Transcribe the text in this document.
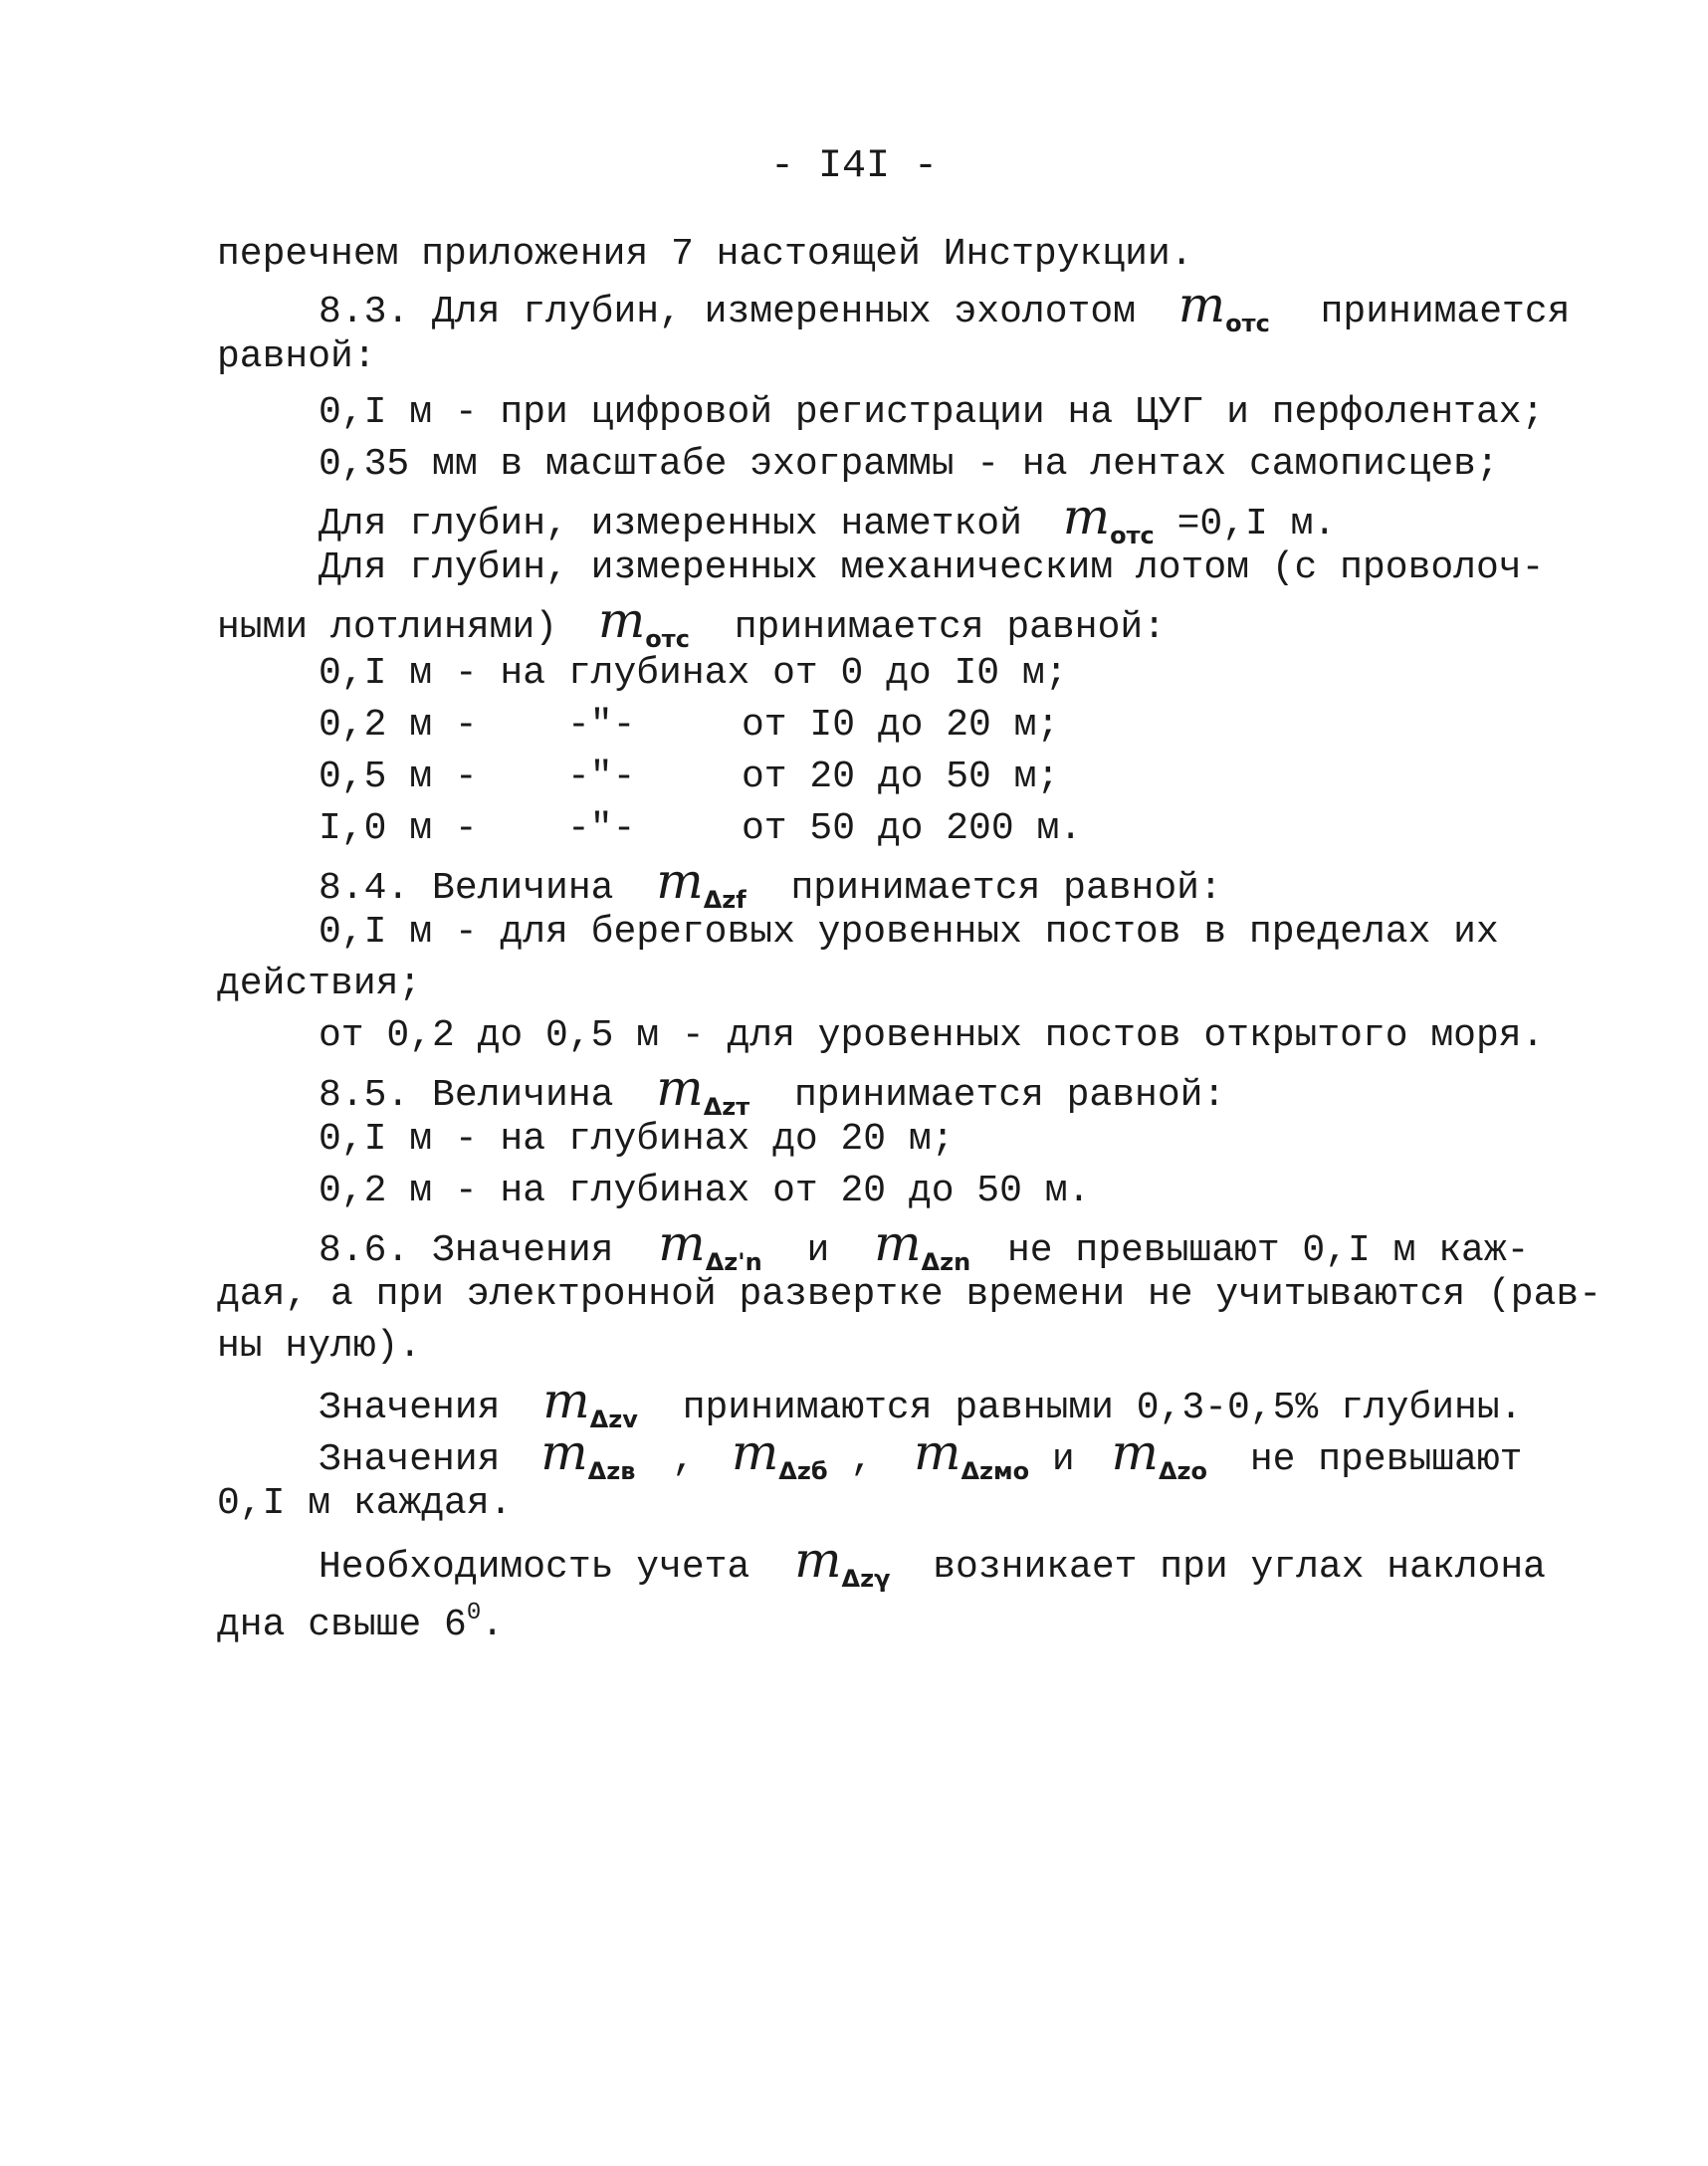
- I4I -
перечнем приложения 7 настоящей Инструкции.
8.3. Для глубин, измеренных эхолотом $m_{отс}$ принимается
равной:
0,I м - при цифровой регистрации на ЦУГ и перфолентах;
0,35 мм в масштабе эхограммы - на лентах самописцев;
Для глубин, измеренных наметкой $m_{отс} =0,I$ м.
Для глубин, измеренных механическим лотом (с проволоч-
ными лотлинями) $m_{отс}$ принимается равной:
0,I м - на глубинах от 0 до I0 м;
0,2 м - -"-	от I0 до 20 м;
0,5 м - -"-	от 20 до 50 м;
I,0 м - -"-	от 50 до 200 м.
8.4. Величина $m_{\Delta zf}$ принимается равной:
0,I м - для береговых уровенных постов в пределах их
действия;
от 0,2 до 0,5 м - для уровенных постов открытого моря.
8.5. Величина $m_{\Delta zт}$ принимается равной:
0,I м - на глубинах до 20 м;
0,2 м - на глубинах от 20 до 50 м.
8.6. Значения $m_{\Delta z'n}$ и $m_{\Delta zn}$ не превышают 0,I м каж-
дая, а при электронной развертке времени не учитываются (рав-
ны нулю).
Значения $m_{\Delta zv}$ принимаются равными 0,3-0,5% глубины.
Значения $m_{\Delta zв}$ , $m_{\Delta zб}$ , $m_{\Delta zмо}$ и $m_{\Delta zо}$ не превышают
0,I м каждая.
Необходимость учета $m_{\Delta z\gamma}$ возникает при углах наклона
дна свыше $6^0$.
